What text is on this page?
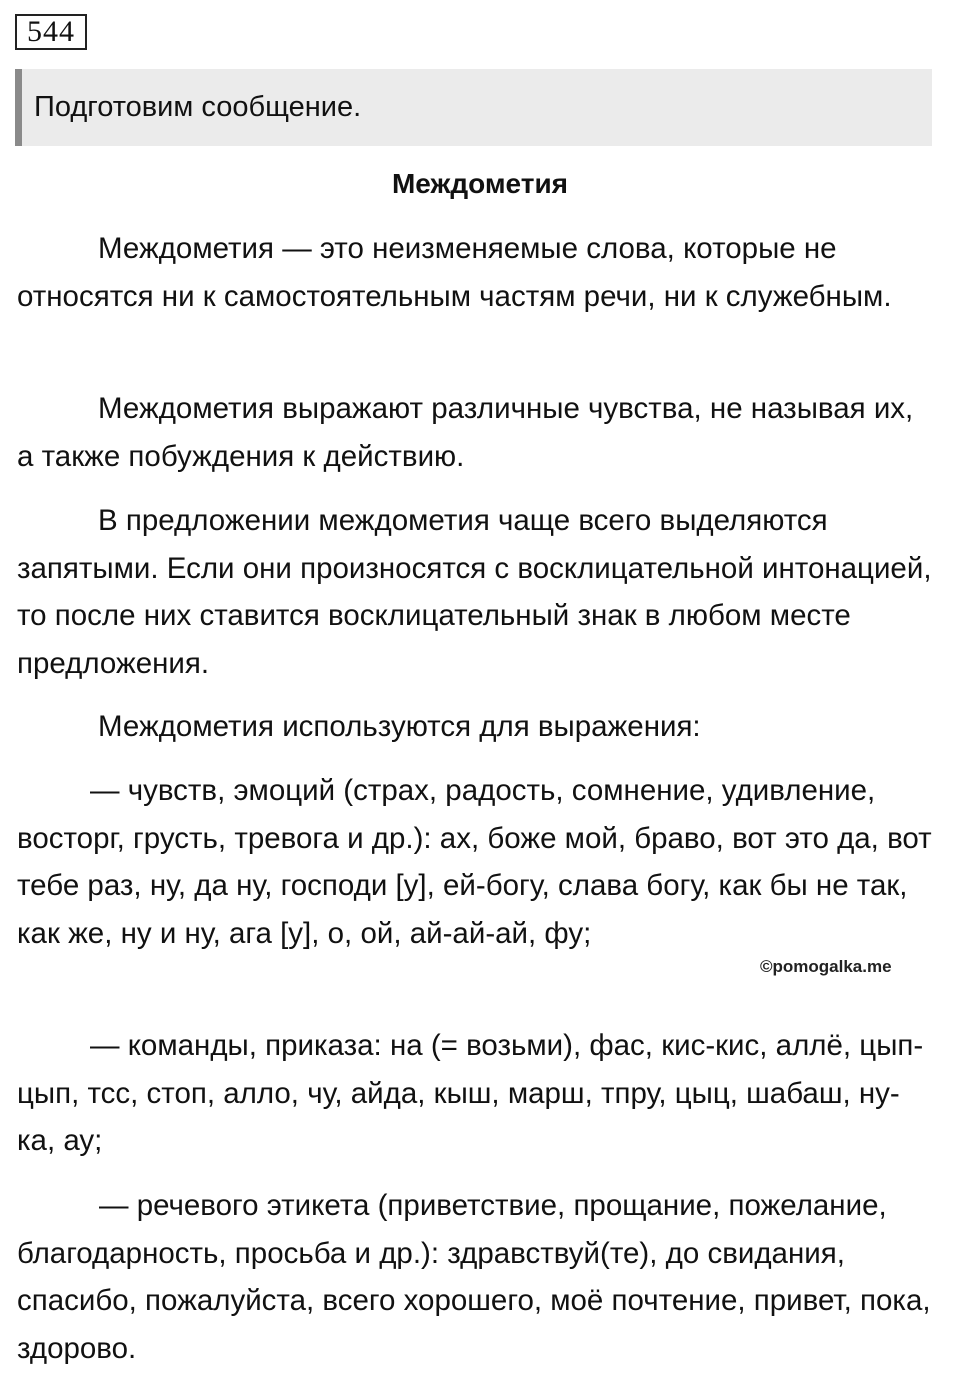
544
Подготовим сообщение.
Междометия

Междометия — это неизменяемые слова, которые не относятся ни к самостоятельным частям речи, ни к служебным.

Междометия выражают различные чувства, не называя их, а также побуждения к действию.

В предложении междометия чаще всего выделяются запятыми. Если они произносятся с восклицательной интонацией, то после них ставится восклицательный знак в любом месте предложения.

Междометия используются для выражения:

— чувств, эмоций (страх, радость, сомнение, удивление, восторг, грусть, тревога и др.): ах, боже мой, браво, вот это да, вот тебе раз, ну, да ну, господи [у], ей-богу, слава богу, как бы не так, как же, ну и ну, ага [у], о, ой, ай-ай-ай, фу;

— команды, приказа: на (= возьми), фас, кис-кис, аллё, цып-цып, тсс, стоп, алло, чу, айда, кыш, марш, тпру, цыц, шабаш, ну-ка, ау;

— речевого этикета (приветствие, прощание, пожелание, благодарность, просьба и др.): здравствуй(те), до свидания, спасибо, пожалуйста, всего хорошего, моё почтение, привет, пока, здорово.

©pomogalka.me
